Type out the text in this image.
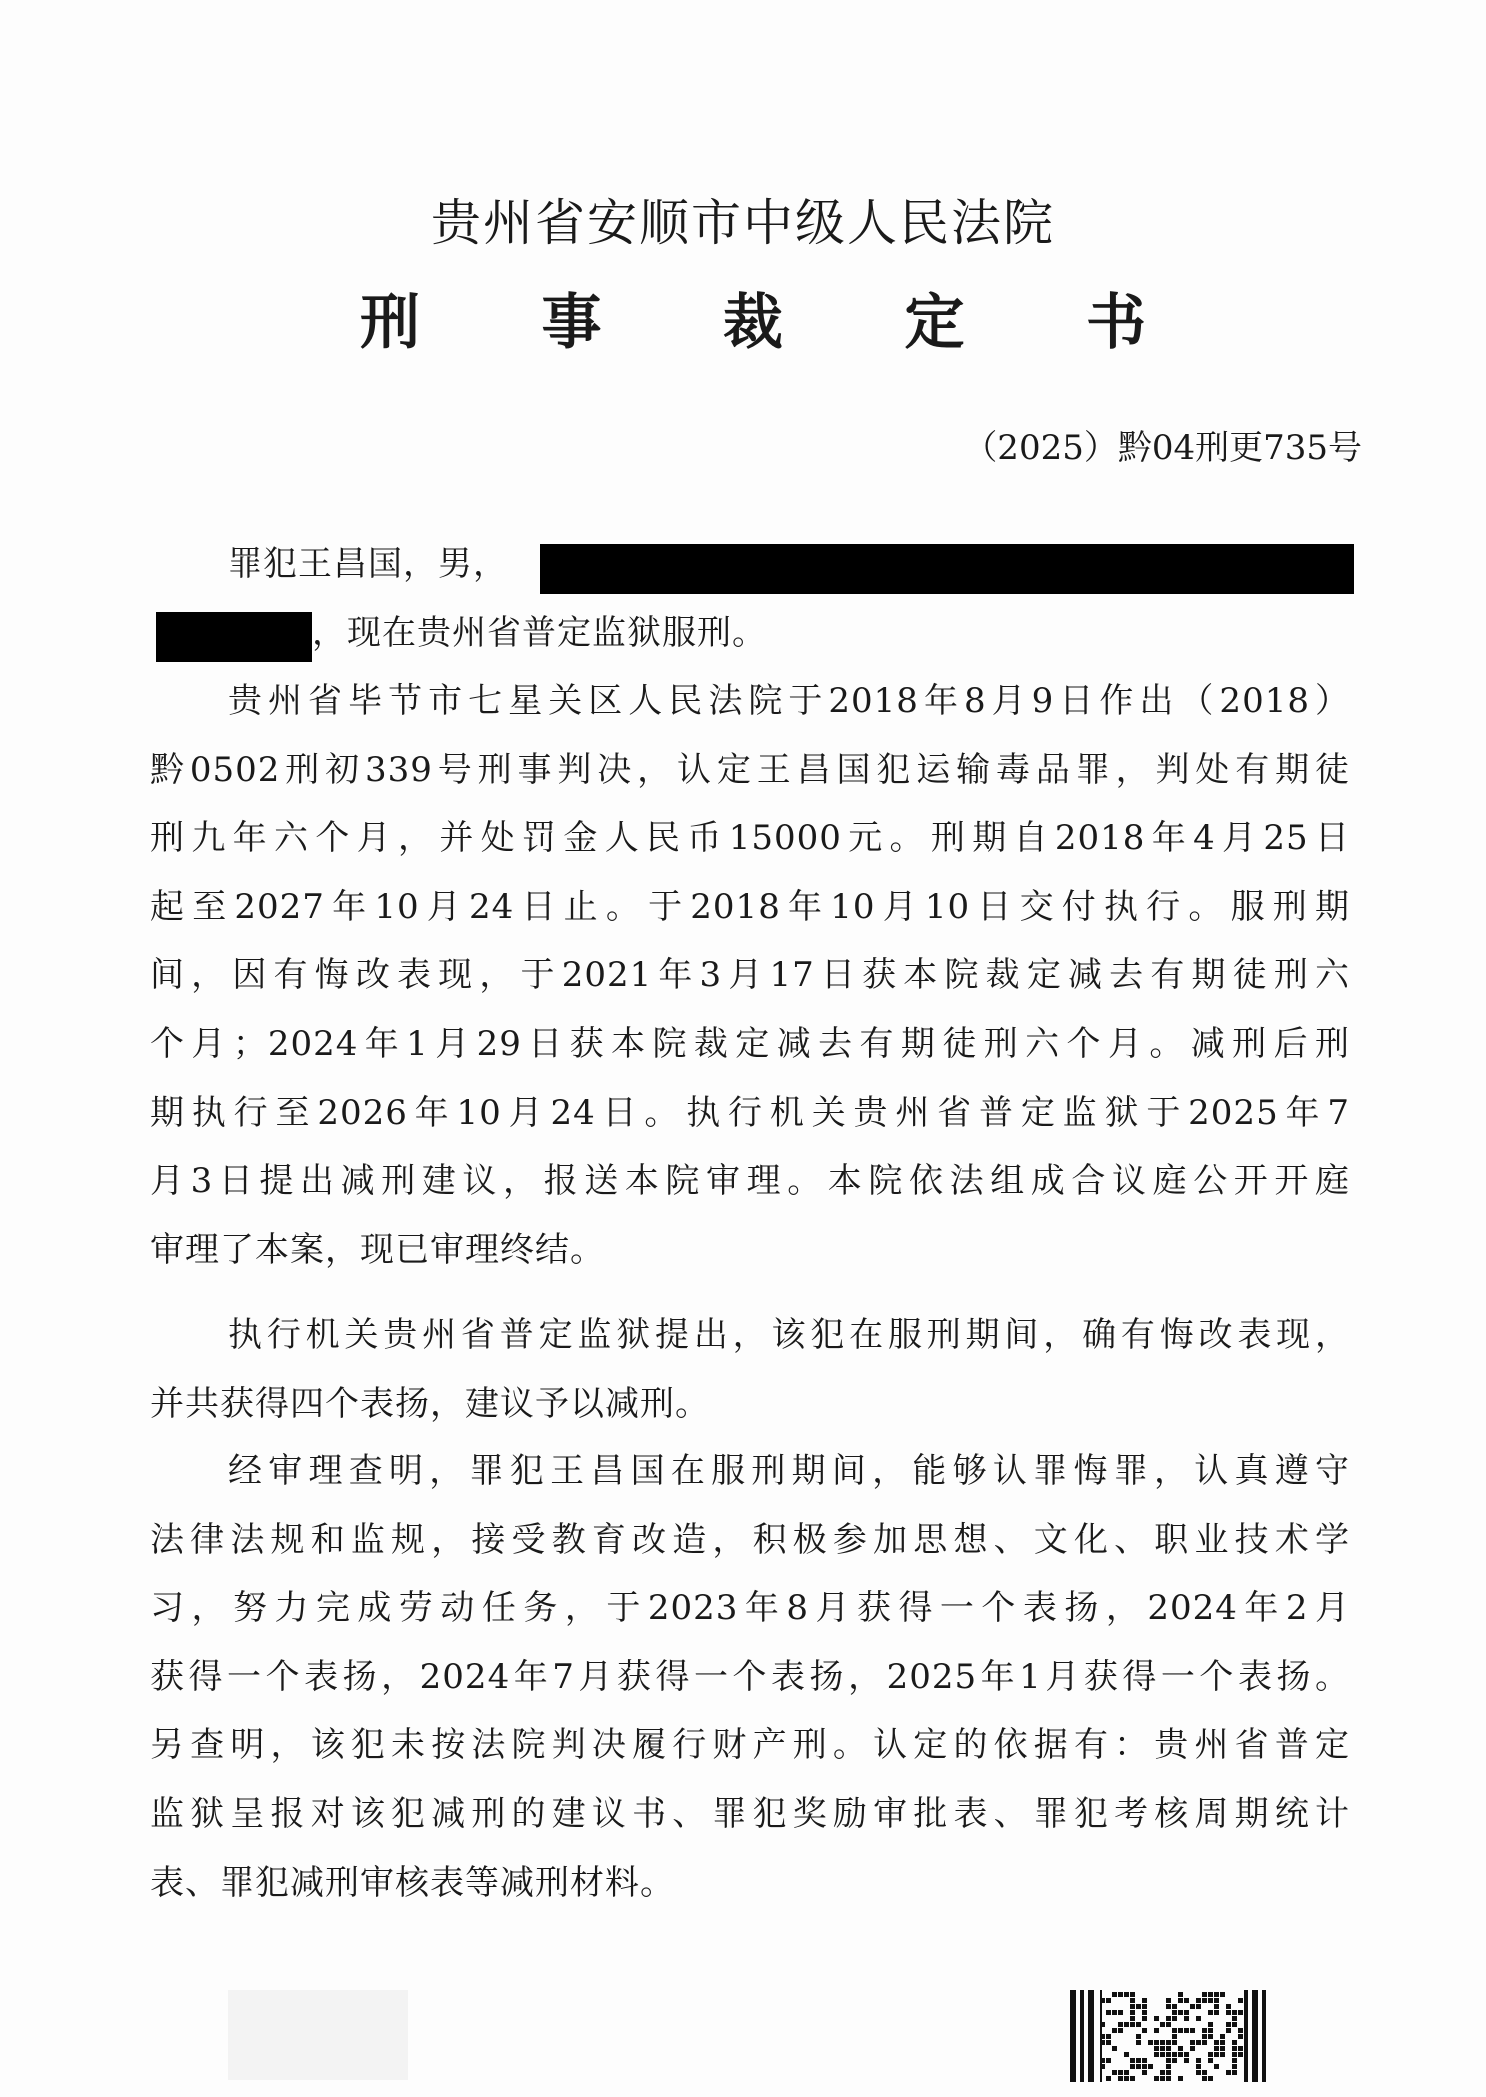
贵州省安顺市中级人民法院
刑 事 裁 定 书
（2025）黔04刑更735号
罪犯王昌国，男，
，现在贵州省普定监狱服刑。
贵州省毕节市七星关区人民法院于2018年8月9日作出（2018）
黔0502刑初339号刑事判决，认定王昌国犯运输毒品罪，判处有期徒
刑九年六个月，并处罚金人民币15000元。刑期自2018年4月25日
起至2027年10月24日止。于2018年10月10日交付执行。服刑期
间，因有悔改表现，于2021年3月17日获本院裁定减去有期徒刑六
个月；2024年1月29日获本院裁定减去有期徒刑六个月。减刑后刑
期执行至2026年10月24日。执行机关贵州省普定监狱于2025年7
月3日提出减刑建议，报送本院审理。本院依法组成合议庭公开开庭
审理了本案，现已审理终结。
执行机关贵州省普定监狱提出，该犯在服刑期间，确有悔改表现，
并共获得四个表扬，建议予以减刑。
经审理查明，罪犯王昌国在服刑期间，能够认罪悔罪，认真遵守
法律法规和监规，接受教育改造，积极参加思想、文化、职业技术学
习，努力完成劳动任务，于2023年8月获得一个表扬，2024年2月
获得一个表扬，2024年7月获得一个表扬，2025年1月获得一个表扬。
另查明，该犯未按法院判决履行财产刑。认定的依据有：贵州省普定
监狱呈报对该犯减刑的建议书、罪犯奖励审批表、罪犯考核周期统计
表、罪犯减刑审核表等减刑材料。
